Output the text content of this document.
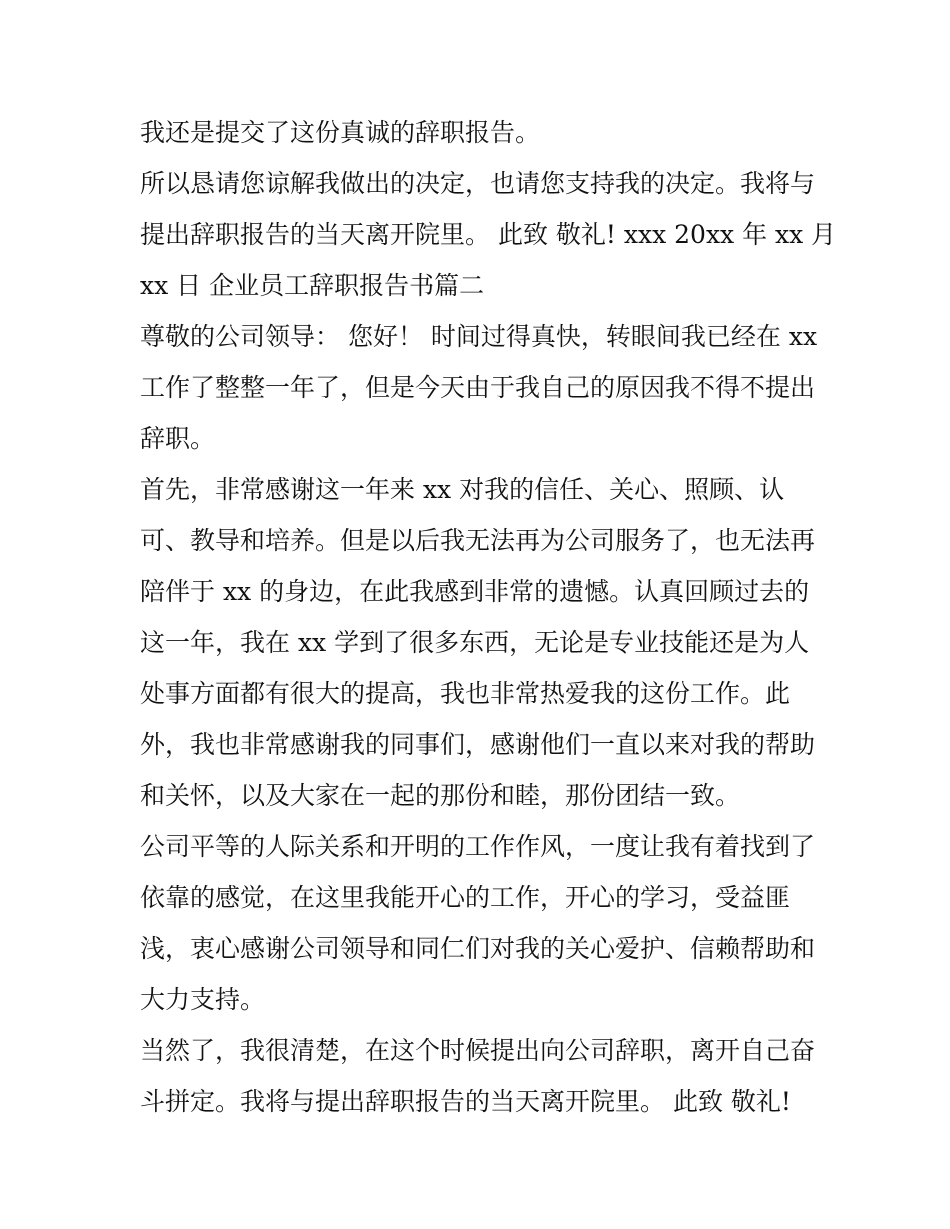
我还是提交了这份真诚的辞职报告。
所以恳请您谅解我做出的决定，也请您支持我的决定。我将与
提出辞职报告的当天离开院里。 此致 敬礼! xxx 20xx 年 xx 月
xx 日 企业员工辞职报告书篇二
尊敬的公司领导： 您好！ 时间过得真快，转眼间我已经在 xx
工作了整整一年了，但是今天由于我自己的原因我不得不提出
辞职。
首先，非常感谢这一年来 xx 对我的信任、关心、照顾、认
可、教导和培养。但是以后我无法再为公司服务了，也无法再
陪伴于 xx 的身边，在此我感到非常的遗憾。认真回顾过去的
这一年，我在 xx 学到了很多东西，无论是专业技能还是为人
处事方面都有很大的提高，我也非常热爱我的这份工作。此
外，我也非常感谢我的同事们，感谢他们一直以来对我的帮助
和关怀，以及大家在一起的那份和睦，那份团结一致。
公司平等的人际关系和开明的工作作风，一度让我有着找到了
依靠的感觉，在这里我能开心的工作，开心的学习，受益匪
浅，衷心感谢公司领导和同仁们对我的关心爱护、信赖帮助和
大力支持。
当然了，我很清楚，在这个时候提出向公司辞职，离开自己奋
斗拼定。我将与提出辞职报告的当天离开院里。 此致 敬礼!
